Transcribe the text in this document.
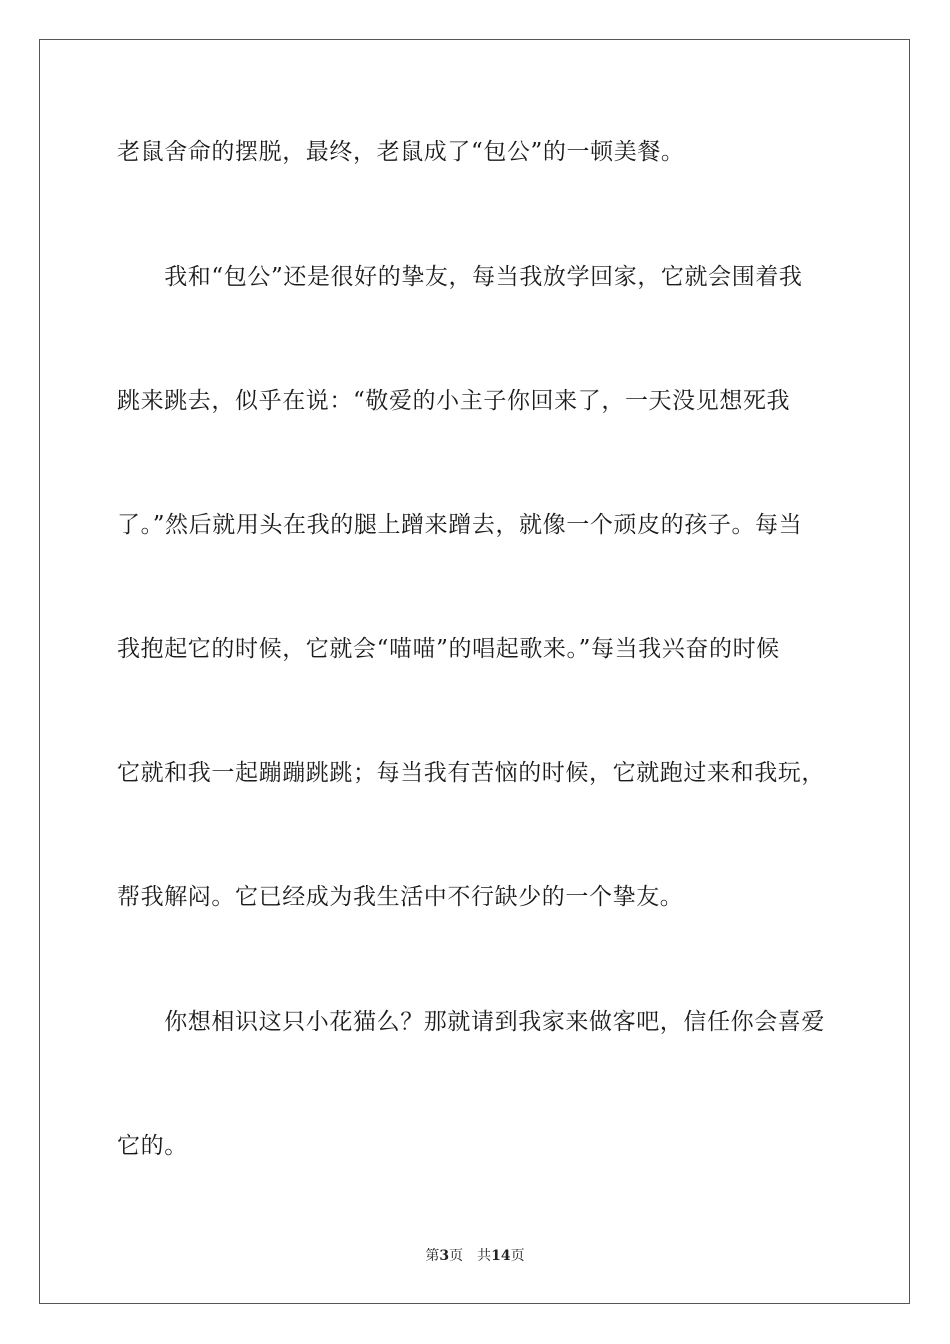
老鼠舍命的摆脱，最终，老鼠成了“包公”的一顿美餐。
　　我和“包公”还是很好的挚友，每当我放学回家，它就会围着我
跳来跳去，似乎在说：“敬爱的小主子你回来了，一天没见想死我
了。”然后就用头在我的腿上蹭来蹭去，就像一个顽皮的孩子。每当
我抱起它的时候，它就会“喵喵”的唱起歌来。”每当我兴奋的时候
它就和我一起蹦蹦跳跳；每当我有苦恼的时候，它就跑过来和我玩，
帮我解闷。它已经成为我生活中不行缺少的一个挚友。
　　你想相识这只小花猫么？那就请到我家来做客吧，信任你会喜爱
它的。
第3页 共14页
